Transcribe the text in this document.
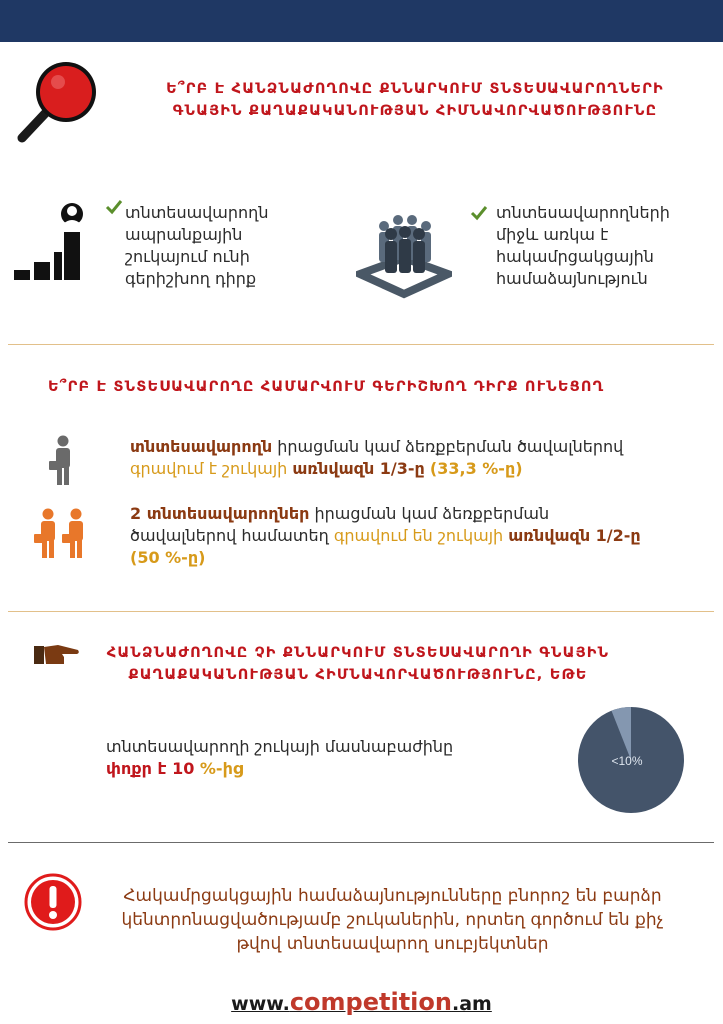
Ե՞ՐԲ Է ՀԱՆՁՆԱԺՈՂՈՎԸ ՔՆՆԱՐԿՈՒՄ ՏՆՏԵՍԱՎԱՐՈՂՆԵՐԻ
ԳՆԱՅԻՆ ՔԱՂԱՔԱԿԱՆՈՒԹՅԱՆ ՀԻՄՆԱՎՈՐՎԱԾՈՒԹՅՈՒՆԸ
տնտեսավարողն
ապրանքային
շուկայում ունի
գերիշխող դիրք
տնտեսավարողների
միջև առկա է
հակամրցակցային
համաձայնություն
Ե՞ՐԲ Է ՏՆՏԵՍԱՎԱՐՈՂԸ ՀԱՄԱՐՎՈՒՄ ԳԵՐԻՇԽՈՂ ԴԻՐՔ ՈՒՆԵՑՈՂ
տնտեսավարողն իրացման կամ ձեռքբերման ծավալներով
գրավում է շուկայի առնվազն 1/3-ը (33,3 %-ը)
2 տնտեսավարողներ իրացման կամ ձեռքբերման
ծավալներով համատեղ գրավում են շուկայի առնվազն 1/2-ը
(50 %-ը)
ՀԱՆՁՆԱԺՈՂՈՎԸ ՉԻ ՔՆՆԱՐԿՈՒՄ ՏՆՏԵՍԱՎԱՐՈՂԻ ԳՆԱՅԻՆ
ՔԱՂԱՔԱԿԱՆՈՒԹՅԱՆ ՀԻՄՆԱՎՈՐՎԱԾՈՒԹՅՈՒՆԸ, ԵԹԵ
տնտեսավարողի շուկայի մասնաբաժինը
փոքր է 10 %-ից	<10%
Հակամրցակցային համաձայնությունները բնորոշ են բարձր
կենտրոնացվածությամբ շուկաներին, որտեղ գործում են քիչ
թվով տնտեսավարող սուբյեկտներ
www.competition.am
